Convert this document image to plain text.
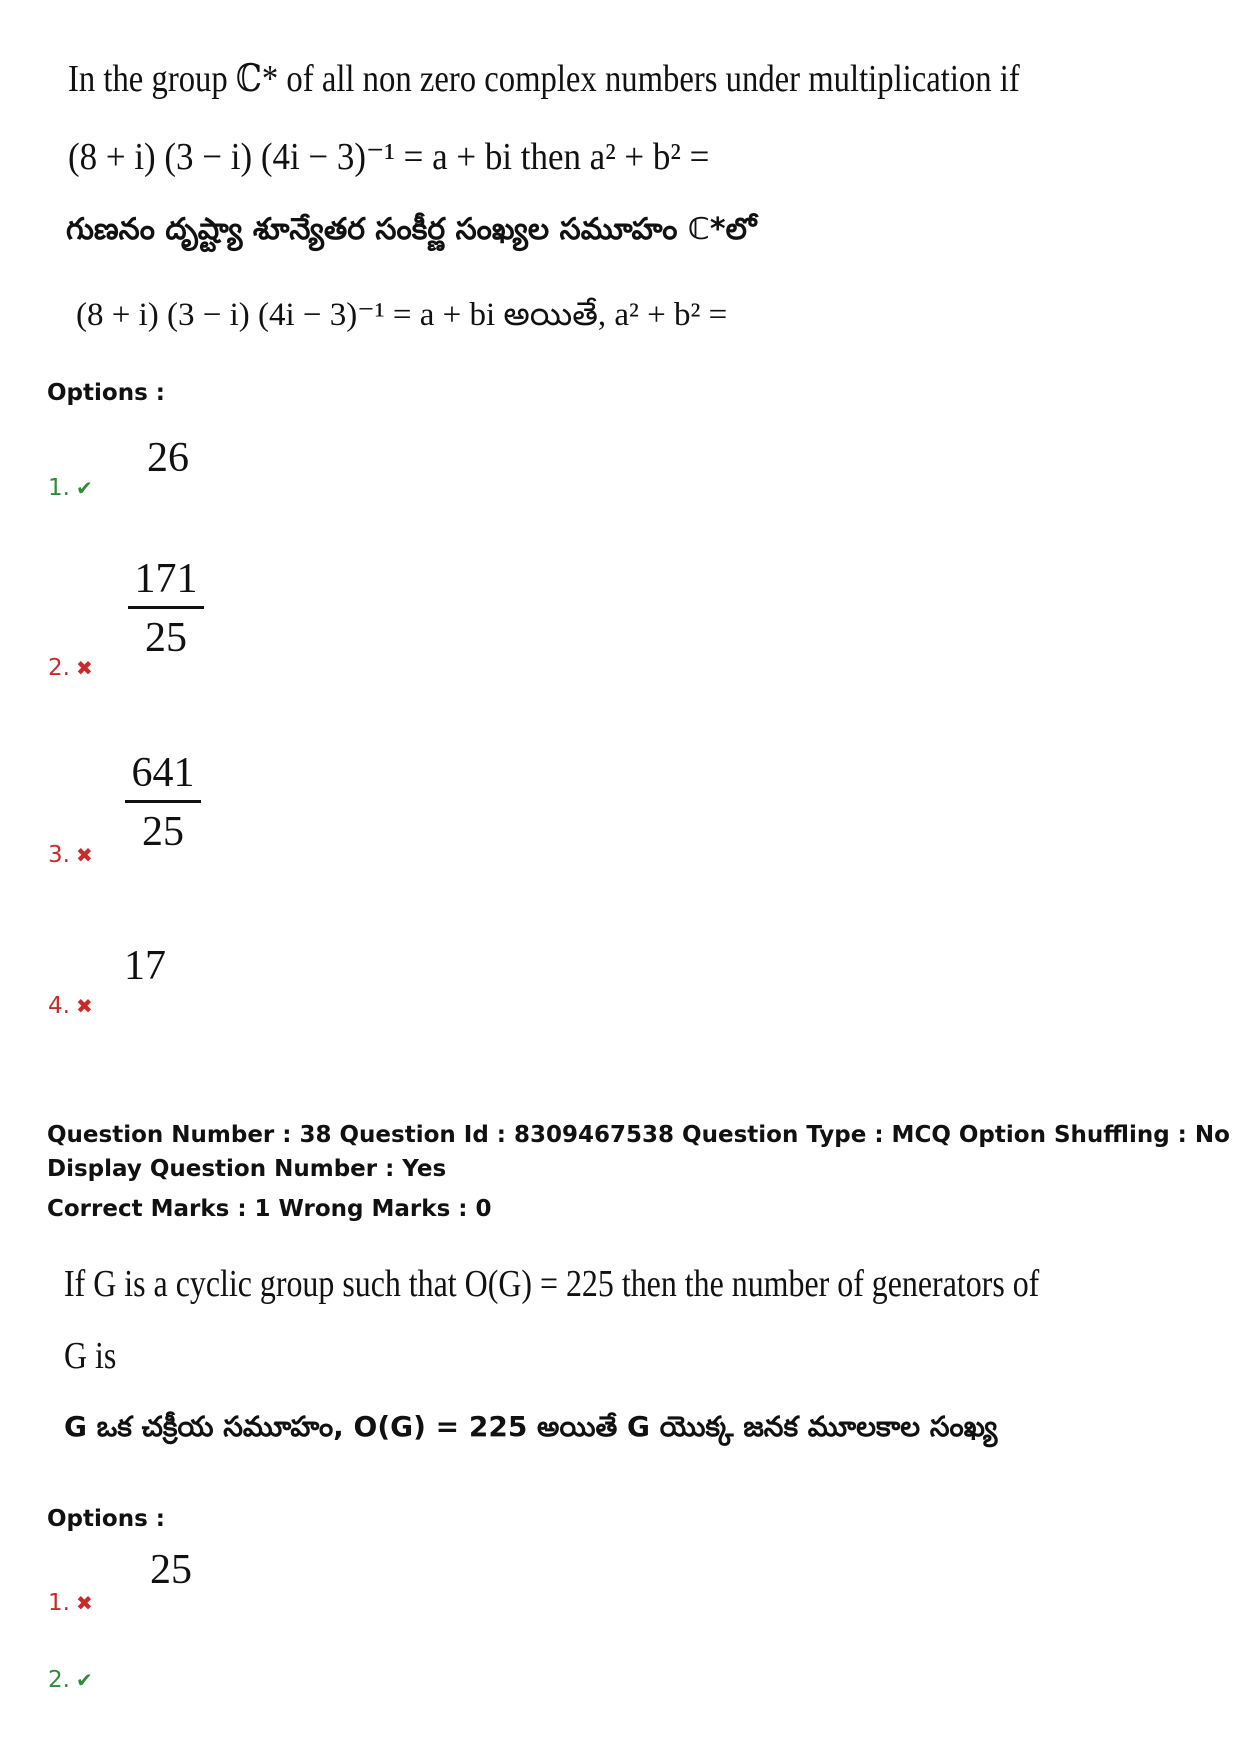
In the group ℂ* of all non zero complex numbers under multiplication if
(8 + i) (3 − i) (4i − 3)⁻¹ = a + bi then a² + b² =
గుణనం దృష్ట్యా శూన్యేతర సంకీర్ణ సంఖ్యల సమూహం ℂ*లో
(8 + i) (3 − i) (4i − 3)⁻¹ = a + bi అయితే, a² + b² =
Options :
26
1. ✔
171
25
2. ✖
641
25
3. ✖
17
4. ✖
Question Number : 38 Question Id : 8309467538 Question Type : MCQ Option Shuffling : No
Display Question Number : Yes
Correct Marks : 1 Wrong Marks : 0
If G is a cyclic group such that O(G) = 225 then the number of generators of
G is
G ఒక చక్రీయ సమూహం, O(G) = 225 అయితే G యొక్క జనక మూలకాల సంఖ్య
Options :
25
1. ✖
2. ✔
